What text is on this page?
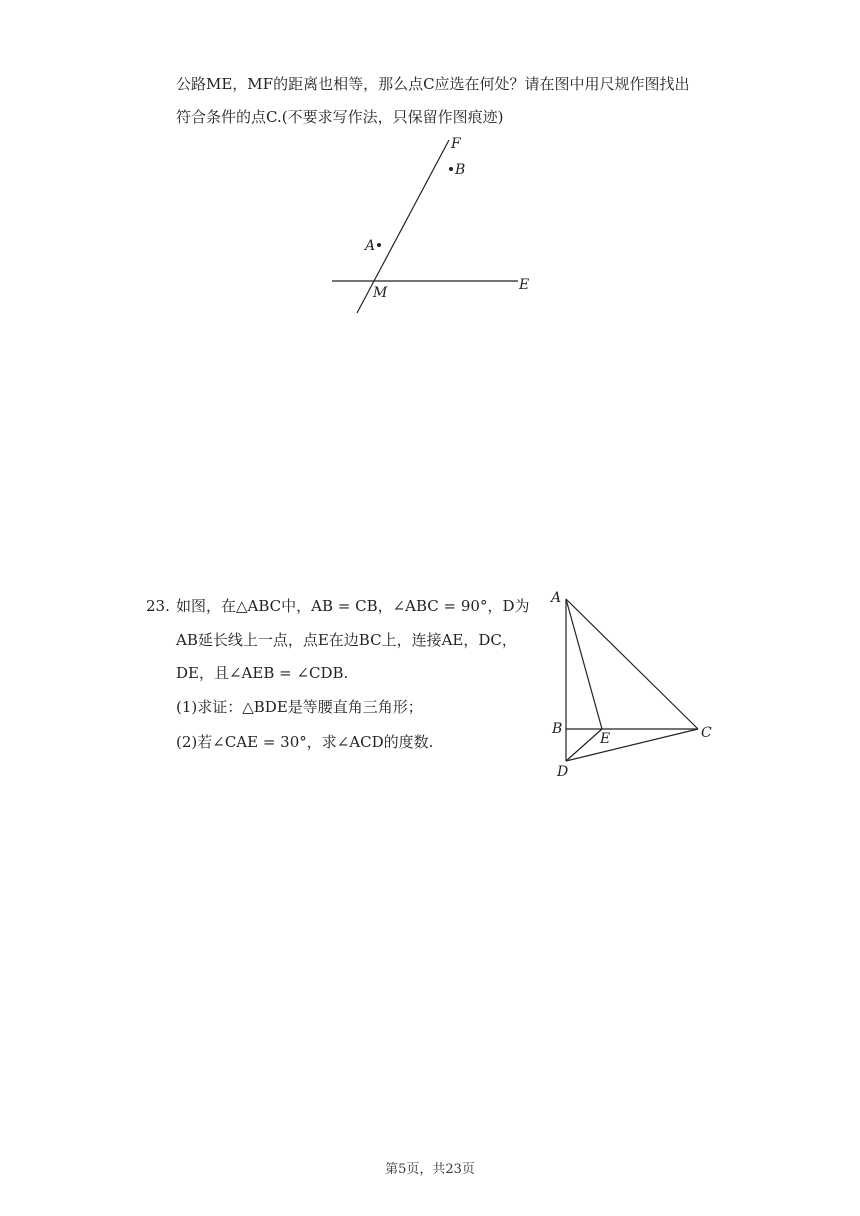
公路ME，MF的距离也相等，那么点C应选在何处？请在图中用尺规作图找出
符合条件的点C.(不要求写作法，只保留作图痕迹)
F
B
A
M	E
23. 如图，在△ABC中，AB = CB，∠ABC = 90°，D为
AB延长线上一点，点E在边BC上，连接AE，DC，
DE，且∠AEB = ∠CDB.
(1)求证：△BDE是等腰直角三角形；
(2)若∠CAE = 30°，求∠ACD的度数.
A
B
E	C
D
第5页，共23页
